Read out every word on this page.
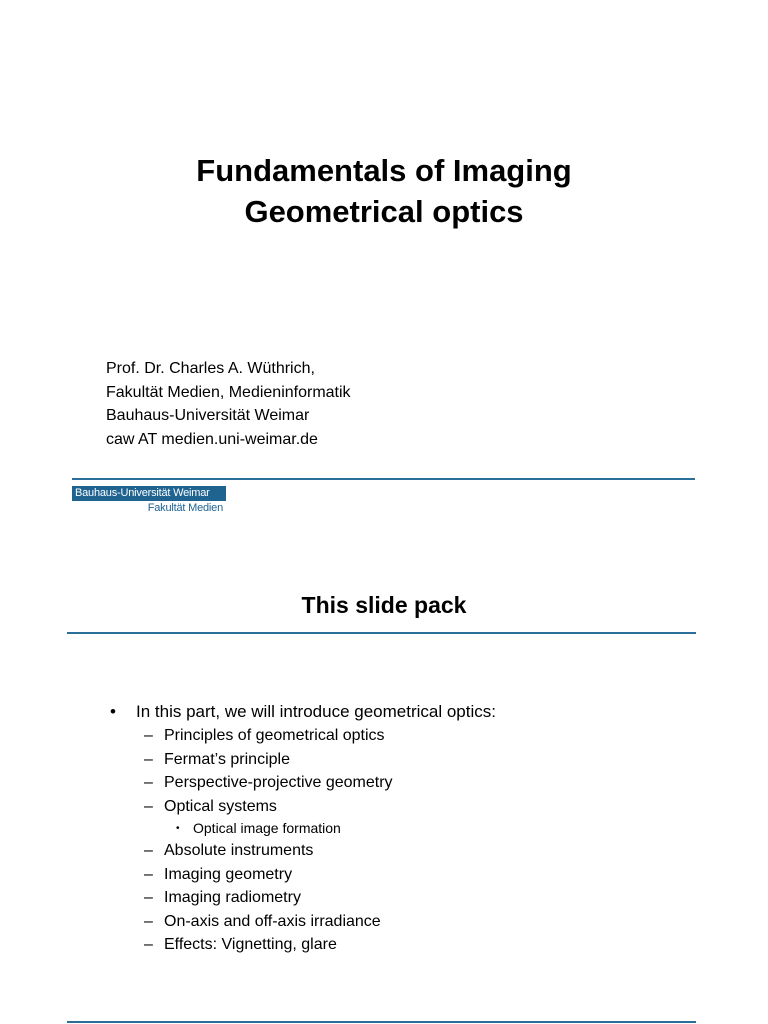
Fundamentals of Imaging
Geometrical optics
Prof. Dr. Charles A. Wüthrich,
Fakultät Medien, Medieninformatik
Bauhaus-Universität Weimar
caw AT medien.uni-weimar.de
Bauhaus-Universität Weimar
Fakultät Medien
This slide pack
•	In this part, we will introduce geometrical optics:
– Principles of geometrical optics
– Fermat’s principle
– Perspective-projective geometry
– Optical systems
• Optical image formation
– Absolute instruments
– Imaging geometry
– Imaging radiometry
– On-axis and off-axis irradiance
– Effects: Vignetting, glare
